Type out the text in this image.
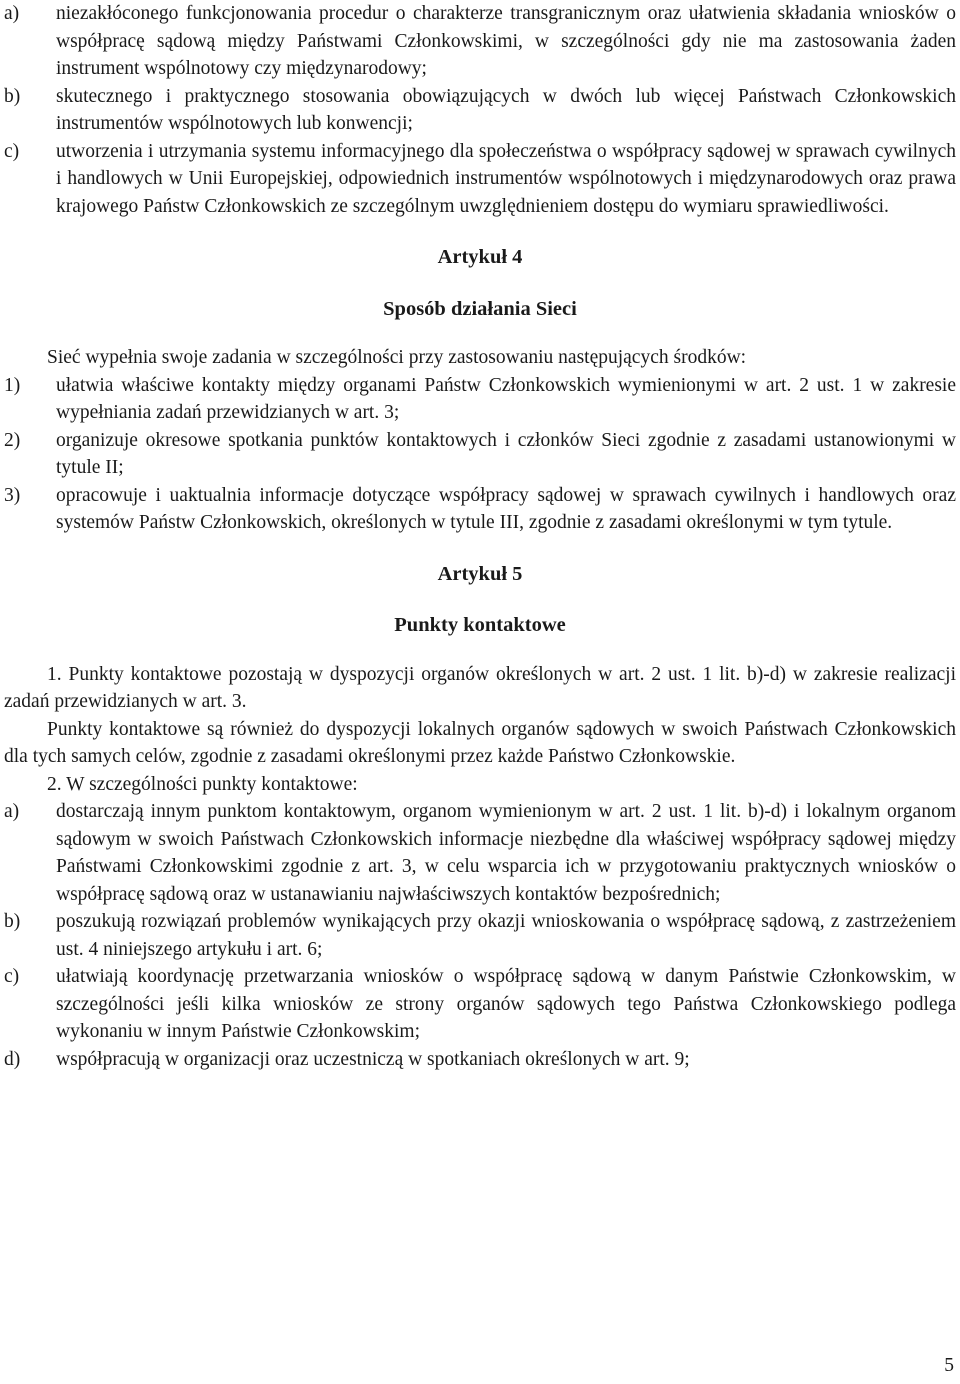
a) niezakłóconego funkcjonowania procedur o charakterze transgranicznym oraz ułatwienia składania wniosków o współpracę sądową między Państwami Członkowskimi, w szczególności gdy nie ma zastosowania żaden instrument wspólnotowy czy międzynarodowy;
b) skutecznego i praktycznego stosowania obowiązujących w dwóch lub więcej Państwach Członkowskich instrumentów wspólnotowych lub konwencji;
c) utworzenia i utrzymania systemu informacyjnego dla społeczeństwa o współpracy sądowej w sprawach cywilnych i handlowych w Unii Europejskiej, odpowiednich instrumentów wspólnotowych i międzynarodowych oraz prawa krajowego Państw Członkowskich ze szczególnym uwzględnieniem dostępu do wymiaru sprawiedliwości.
Artykuł 4
Sposób działania Sieci
Sieć wypełnia swoje zadania w szczególności przy zastosowaniu następujących środków:
1) ułatwia właściwe kontakty między organami Państw Członkowskich wymienionymi w art. 2 ust. 1 w zakresie wypełniania zadań przewidzianych w art. 3;
2) organizuje okresowe spotkania punktów kontaktowych i członków Sieci zgodnie z zasadami ustanowionymi w tytule II;
3) opracowuje i uaktualnia informacje dotyczące współpracy sądowej w sprawach cywilnych i handlowych oraz systemów Państw Członkowskich, określonych w tytule III, zgodnie z zasadami określonymi w tym tytule.
Artykuł 5
Punkty kontaktowe
1. Punkty kontaktowe pozostają w dyspozycji organów określonych w art. 2 ust. 1 lit. b)-d) w zakresie realizacji zadań przewidzianych w art. 3.
Punkty kontaktowe są również do dyspozycji lokalnych organów sądowych w swoich Państwach Członkowskich dla tych samych celów, zgodnie z zasadami określonymi przez każde Państwo Członkowskie.
2. W szczególności punkty kontaktowe:
a) dostarczają innym punktom kontaktowym, organom wymienionym w art. 2 ust. 1 lit. b)-d) i lokalnym organom sądowym w swoich Państwach Członkowskich informacje niezbędne dla właściwej współpracy sądowej między Państwami Członkowskimi zgodnie z art. 3, w celu wsparcia ich w przygotowaniu praktycznych wniosków o współpracę sądową oraz w ustanawianiu najwłaściwszych kontaktów bezpośrednich;
b) poszukują rozwiązań problemów wynikających przy okazji wnioskowania o współpracę sądową, z zastrzeżeniem ust. 4 niniejszego artykułu i art. 6;
c) ułatwiają koordynację przetwarzania wniosków o współpracę sądową w danym Państwie Członkowskim, w szczególności jeśli kilka wniosków ze strony organów sądowych tego Państwa Członkowskiego podlega wykonaniu w innym Państwie Członkowskim;
d) współpracują w organizacji oraz uczestniczą w spotkaniach określonych w art. 9;
5
